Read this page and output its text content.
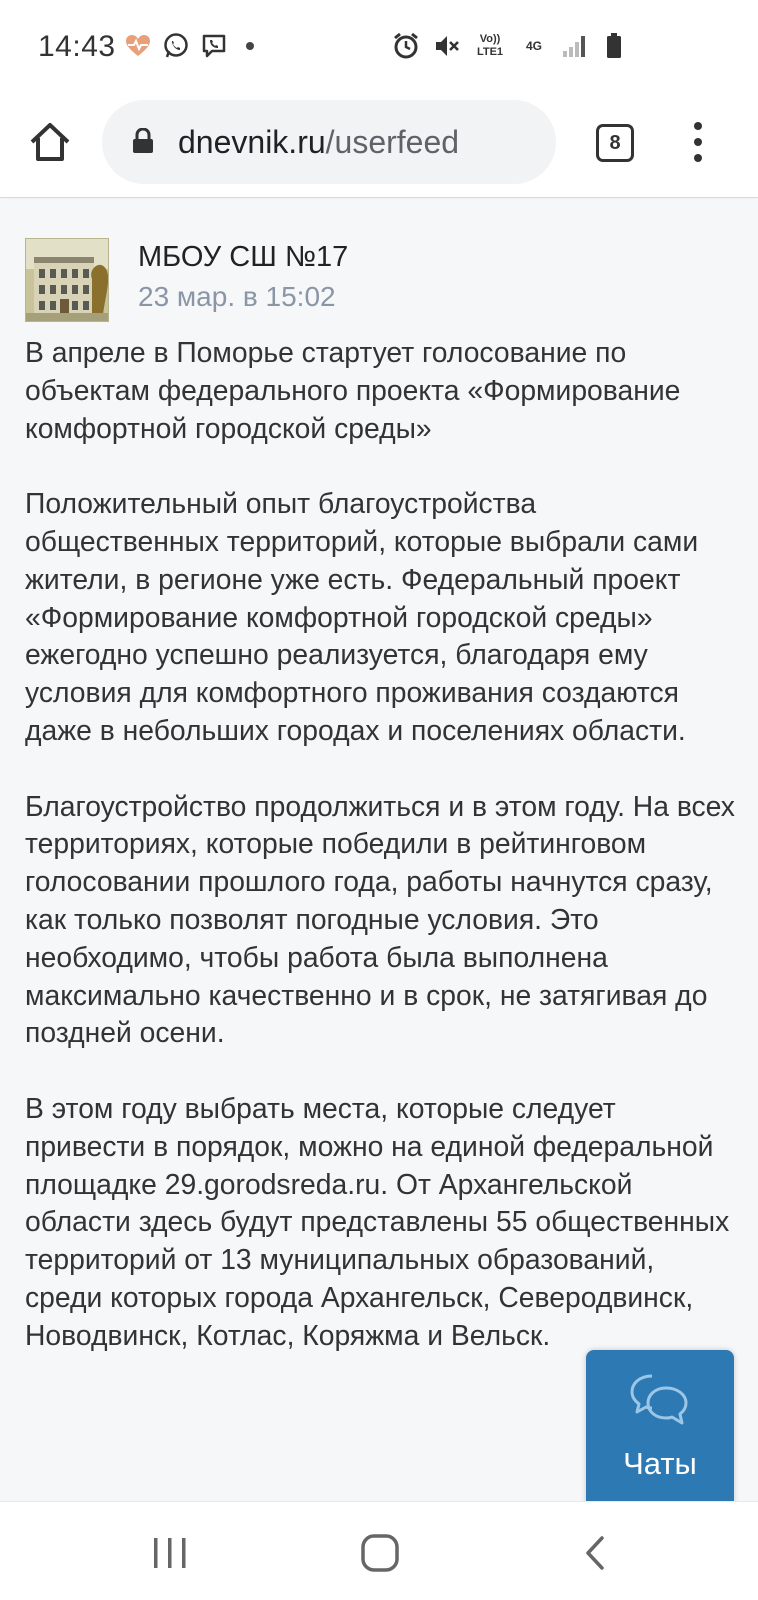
14:43	Vo)) LTE1	4G
dnevnik.ru/userfeed	8
МБОУ СШ №17
23 мар. в 15:02

В апреле в Поморье стартует голосование по объектам федерального проекта «Формирование комфортной городской среды»

Положительный опыт благоустройства общественных территорий, которые выбрали сами жители, в регионе уже есть. Федеральный проект «Формирование комфортной городской среды» ежегодно успешно реализуется, благодаря ему условия для комфортного проживания создаются даже в небольших городах и поселениях области.

Благоустройство продолжиться и в этом году. На всех территориях, которые победили в рейтинговом голосовании прошлого года, работы начнутся сразу, как только позволят погодные условия. Это необходимо, чтобы работа была выполнена максимально качественно и в срок, не затягивая до поздней осени.

В этом году выбрать места, которые следует привести в порядок, можно на единой федеральной площадке 29.gorodsreda.ru. От Архангельской области здесь будут представлены 55 общественных территорий от 13 муниципальных образований, среди которых города Архангельск, Северодвинск, Новодвинск, Котлас, Коряжма и Вельск.

Чаты
